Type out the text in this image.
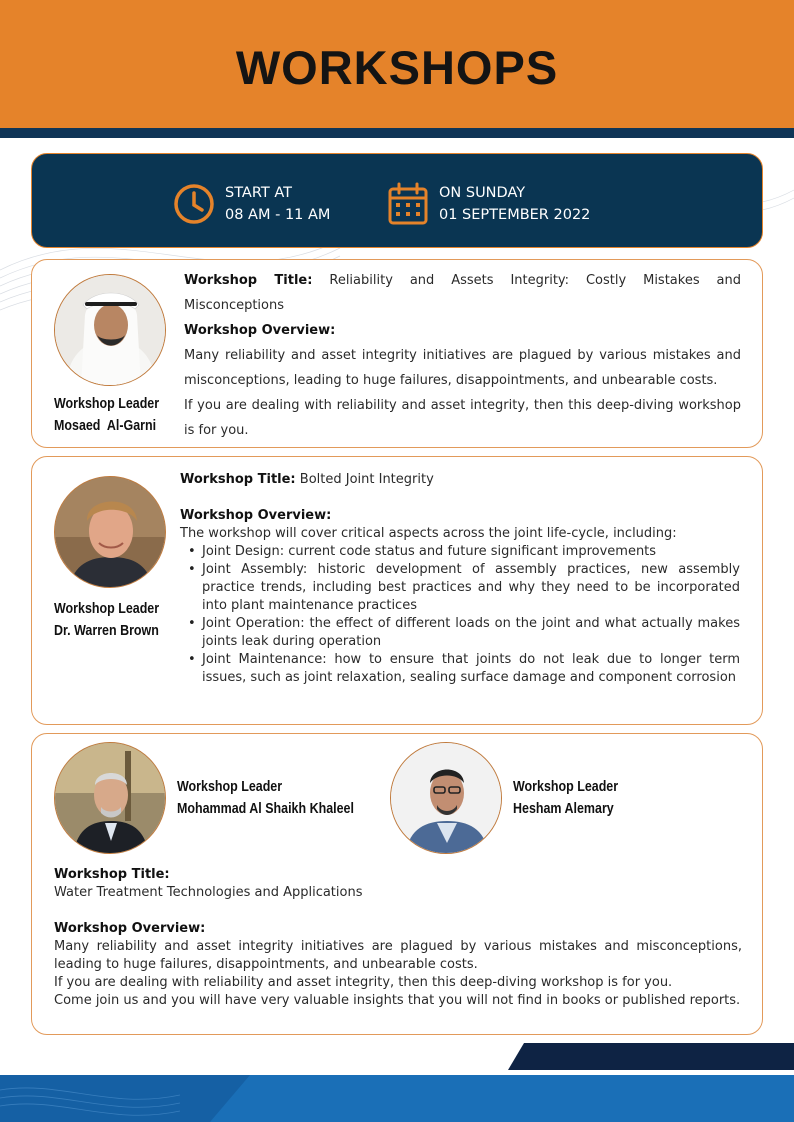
WORKSHOPS
START AT
08 AM - 11 AM
ON SUNDAY
01 SEPTEMBER 2022
Workshop Leader
Mosaed  Al-Garni
Workshop Title: Reliability and Assets Integrity: Costly Mistakes and Misconceptions
Workshop Overview:
Many reliability and asset integrity initiatives are plagued by various mistakes and misconceptions, leading to huge failures, disappointments, and unbearable costs.
If you are dealing with reliability and asset integrity, then this deep-diving workshop is for you.
Workshop Leader
Dr. Warren Brown
Workshop Title: Bolted Joint Integrity
Workshop Overview:
The workshop will cover critical aspects across the joint life-cycle, including:
• Joint Design: current code status and future significant improvements
• Joint Assembly: historic development of assembly practices, new assembly practice trends, including best practices and why they need to be incorporated into plant maintenance practices
• Joint Operation: the effect of different loads on the joint and what actually makes joints leak during operation
• Joint Maintenance: how to ensure that joints do not leak due to longer term issues, such as joint relaxation, sealing surface damage and component corrosion
Workshop Leader
Mohammad Al Shaikh Khaleel
Workshop Leader
Hesham Alemary
Workshop Title:
Water Treatment Technologies and Applications
Workshop Overview:
Many reliability and asset integrity initiatives are plagued by various mistakes and misconceptions, leading to huge failures, disappointments, and unbearable costs.
If you are dealing with reliability and asset integrity, then this deep-diving workshop is for you.
Come join us and you will have very valuable insights that you will not find in books or published reports.
